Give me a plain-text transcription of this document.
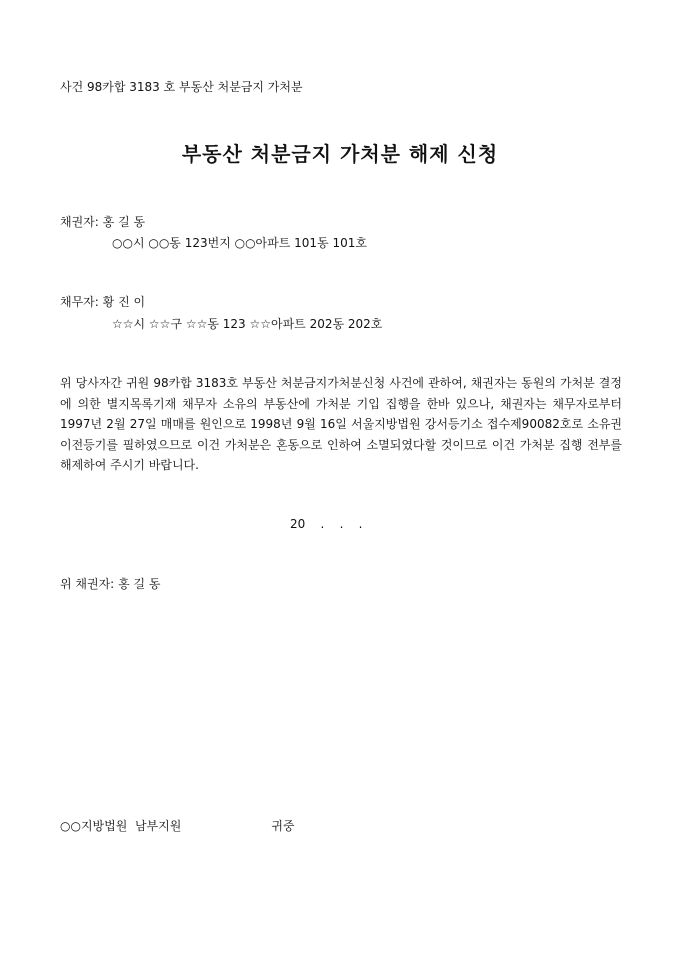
사건 98카합 3183 호 부동산 처분금지 가처분
부동산 처분금지 가처분 해제 신청
채권자: 홍 길 동
○○시 ○○동 123번지 ○○아파트 101동 101호
채무자: 황 진 이
☆☆시 ☆☆구 ☆☆동 123 ☆☆아파트 202동 202호
위 당사자간 귀원 98카합 3183호 부동산 처분금지가처분신청 사건에 관하여, 채권자는 동원의 가처분 결정에 의한 별지목록기재 채무자 소유의 부동산에 가처분 기입 집행을 한바 있으나, 채권자는 채무자로부터 1997년 2월 27일 매매를 원인으로 1998년 9월 16일 서울지방법원 강서등기소 접수제90082호로 소유권이전등기를 필하였으므로 이건 가처분은 혼동으로 인하여 소멸되였다할 것이므로 이건 가처분 집행 전부를 해제하여 주시기 바랍니다.
20    .    .    .
위 채권자: 홍 길 동
○○지방법원  남부지원	귀중
